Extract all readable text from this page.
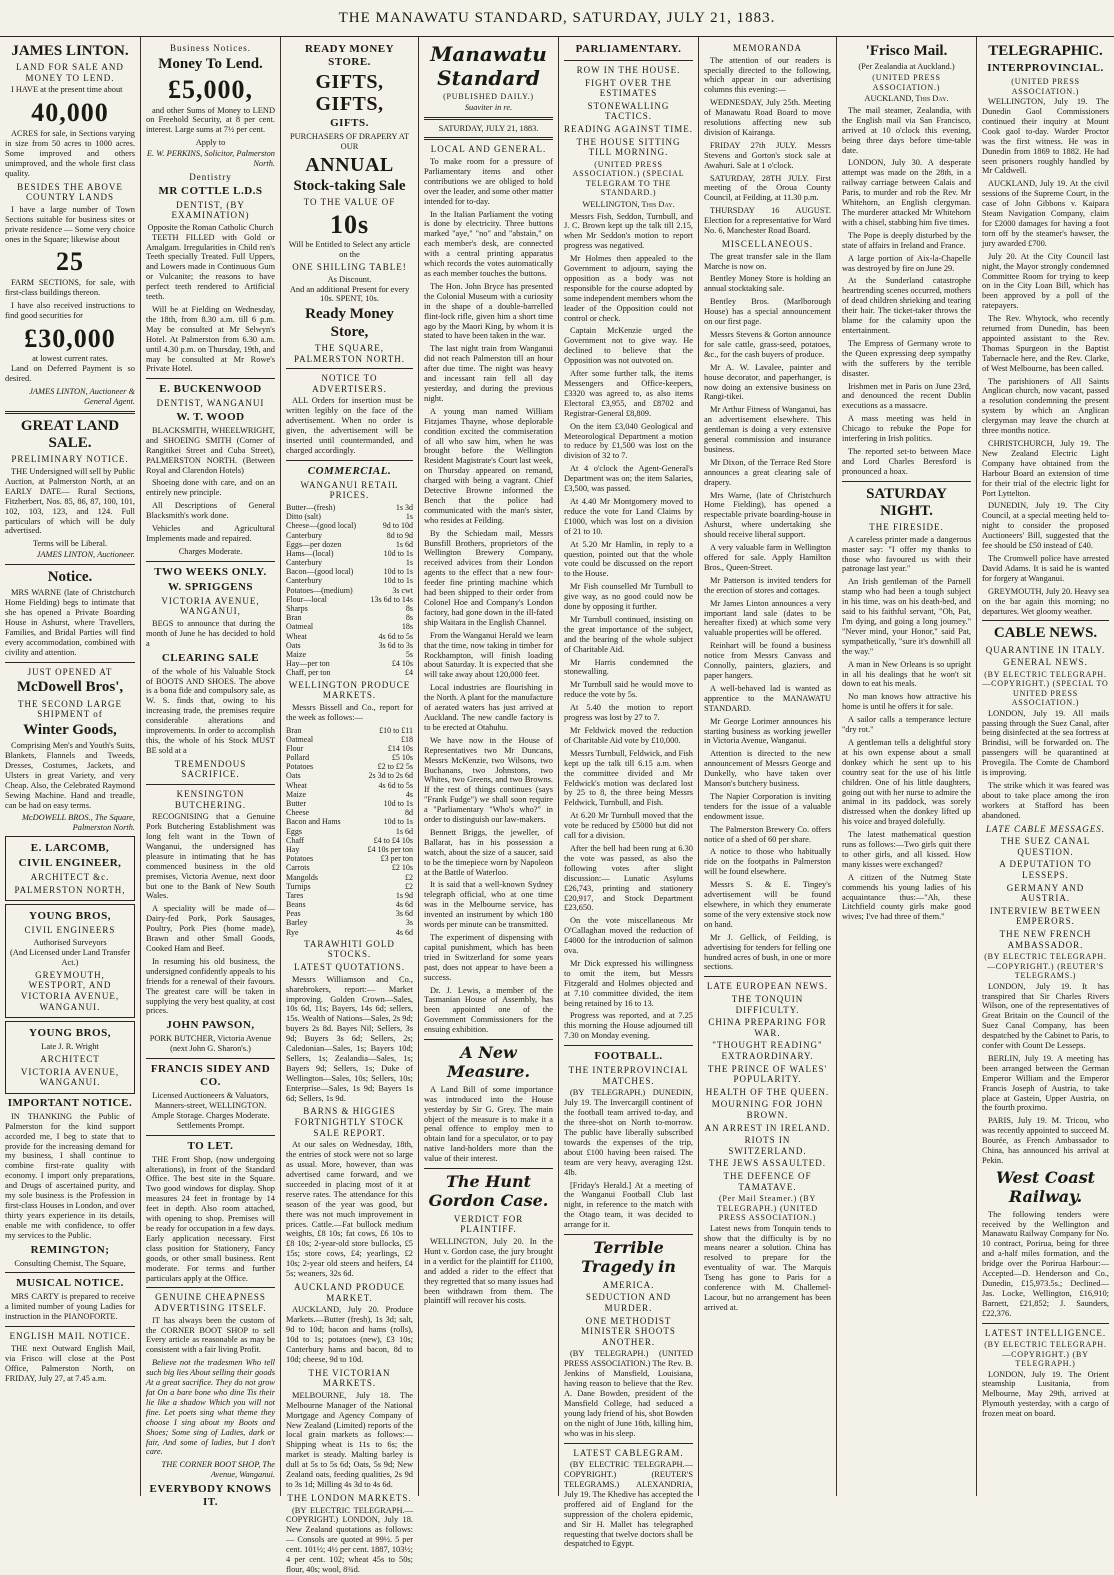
THE MANAWATU STANDARD, SATURDAY, JULY 21, 1883.
JAMES LINTON.
LAND FOR SALE AND MONEY TO LEND.

I HAVE at the present time about

40,000

ACRES for sale, in Sections varying in size from 50 acres to 1000 acres. Some improved and others unimproved, and the whole first class quality.

BESIDES THE ABOVE COUNTRY LANDS

I have a large number of Town Sections suitable for business sites or private residence — Some very choice ones in the Square; likewise about

25

FARM SECTIONS, for sale, with first-class buildings thereon.

I have also received instructions to find good securities for

£30,000
at lowest current rates.

Land on Deferred Payment is so desired.

JAMES LINTON, Auctioneer & General Agent.
GREAT LAND SALE.
PRELIMINARY NOTICE.

THE Undersigned will sell by Public Auction, at Palmerston North, at an EARLY DATE— Rural Sections, Fitzherbert, Nos. 85, 86, 87, 100, 101, 102, 103, 123, and 124. Full particulars of which will be duly advertised.

Terms will be Liberal.
JAMES LINTON, Auctioneer.
Notice.

MRS WARNE (late of Christchurch Home Fielding) begs to intimate that she has opened a Private Boarding House in Ashurst, where Travellers, Families, and Bridal Parties will find every accommodation, combined with civility and attention.

JUST OPENED AT
McDowell Bros',
THE SECOND LARGE SHIPMENT of
Winter Goods,

Comprising Men's and Youth's Suits, Blankets, Flannels and Tweeds, Dresses, Costumes, Jackets, and Ulsters in great Variety, and very Cheap. Also, the Celebrated Raymond Sewing Machine. Hand and treadle, can be had on easy terms.

McDOWELL BROS., The Square, Palmerston North.
E. LARCOMB,
CIVIL ENGINEER,
ARCHITECT &c.
PALMERSTON NORTH,
YOUNG BROS,
CIVIL ENGINEERS
Authorised Surveyors
(And Licensed under Land Transfer Act.)
GREYMOUTH, WESTPORT, AND VICTORIA AVENUE, WANGANUI.
YOUNG BROS,
Late J. R. Wright
ARCHITECT
VICTORIA AVENUE, WANGANUI.
IMPORTANT NOTICE.

IN THANKING the Public of Palmerston for the kind support accorded me, I beg to state that to provide for the increasing demand for my business, I shall continue to combine first-rate quality with economy. I import only preparations, and Drugs of ascertained purity, and my sole business is the Profession in first-class Houses in London, and over thirty years experience in its details, enable me with confidence, to offer my services to the Public.

REMINGTON;
Consulting Chemist, The Square,
MUSICAL NOTICE.

MRS CARTY is prepared to receive a limited number of young Ladies for instruction in the PIANOFORTE.

ENGLISH MAIL NOTICE.

THE next Outward English Mail, via Frisco will close at the Post Office, Palmerston North, on FRIDAY, July 27, at 7.45 a.m.

Business Notices.
Money To Lend.
£5,000,

and other Sums of Money to LEND on Freehold Security, at 8 per cent. interest. Large sums at 7½ per cent.

Apply to
E. W. PERKINS, Solicitor, Palmerston North.
Dentistry
MR COTTLE L.D.S
DENTIST, (BY EXAMINATION)
Opposite the Roman Catholic Church

TEETH FILLED with Gold or Amalgam. Irregularities in Child ren's Teeth specially Treated. Full Uppers, and Lowers made in Continuous Gum or Vulcanite; the reasons to have perfect teeth rendered to Artificial teeth.

Will be at Fielding on Wednesday, the 18th, from 8.30 a.m. till 6 p.m. May be consulted at Mr Selwyn's Hotel. At Palmerston from 6.30 a.m. until 4.30 p.m. on Thursday, 19th, and may be consulted at Mr Rowe's Private Hotel.

E. BUCKENWOOD
DENTIST, WANGANUI
W. T. WOOD

BLACKSMITH, WHEELWRIGHT, and SHOEING SMITH (Corner of Rangitikei Street and Cuba Street), PALMERSTON NORTH. (Between Royal and Clarendon Hotels)

Shoeing done with care, and on an entirely new principle.

All Descriptions of General Blacksmith's work done.

Vehicles and Agricultural Implements made and repaired.

Charges Moderate.
TWO WEEKS ONLY.
W. SPRIGGENS
VICTORIA AVENUE, WANGANUI,

BEGS to announce that during the month of June he has decided to hold a

CLEARING SALE

of the whole of his Valuable Stock of BOOTS AND SHOES. The above is a bona fide and compulsory sale, as W. S. finds that, owing to his increasing trade, the premises require considerable alterations and improvements. In order to accomplish this, the whole of his Stock MUST BE sold at a

TREMENDOUS SACRIFICE.
KENSINGTON BUTCHERING.

RECOGNISING that a Genuine Pork Butchering Establishment was long felt want in the Town of Wanganui, the undersigned has pleasure in intimating that he has commenced business in the old premises, Victoria Avenue, next door but one to the Bank of New South Wales.

A speciality will be made of— Dairy-fed Pork, Pork Sausages, Poultry, Pork Pies (home made), Brawn and other Small Goods, Cooked Ham and Beef.

In resuming his old business, the undersigned confidently appeals to his friends for a renewal of their favours. The greatest care will be taken in supplying the very best quality, at cost prices.

JOHN PAWSON,
PORK BUTCHER, Victoria Avenue (next John G. Sharon's.)
FRANCIS SIDEY AND CO.
Licensed Auctioneers & Valuators, Manners-street, WELLINGTON.
Ample Storage. Charges Moderate.
Settlements Prompt.
TO LET.

THE Front Shop, (now undergoing alterations), in front of the Standard Office. The best site in the Square. Two good windows for display. Shop measures 24 feet in frontage by 14 feet in depth. Also room attached, with opening to shop. Premises will be ready for occupation in a few days. Early application necessary. First class position for Stationery, Fancy goods, or other small business. Rent moderate. For terms and further particulars apply at the Office.

GENUINE CHEAPNESS ADVERTISING ITSELF.

IT has always been the custom of the CORNER BOOT SHOP to sell Every article as reasonable as may be consistent with a fair living Profit.

Believe not the tradesmen Who tell such big lies About selling their goods At a great sacrifice. They do not grow fat On a bare bone who dine Tis their lie like a shadow Which you will not fine. Let poets sing what theme they choose I sing about my Boots and Shoes; Some sing of Ladies, dark or fair, And some of ladies, but I don't care.

THE CORNER BOOT SHOP, The Avenue, Wanganui.
EVERYBODY KNOWS IT.
READY MONEY STORE.
GIFTS, GIFTS,
GIFTS.
PURCHASERS OF DRAPERY AT OUR
ANNUAL
Stock-taking Sale
TO THE VALUE OF
10s
Will be Entitled to Select any article on the
ONE SHILLING TABLE!
As Discount.
And an additional Present for every 10s. SPENT, 10s.
Ready Money Store,
THE SQUARE, PALMERSTON NORTH.
NOTICE TO ADVERTISERS.

ALL Orders for insertion must be written legibly on the face of the advertisement. When no order is given, the advertisement will be inserted until countermanded, and charged accordingly.

COMMERCIAL.
WANGANUI RETAIL PRICES.
Butter—(fresh)	1s 3d
Ditto (salt)	1s
Cheese—(good local)	9d to 10d
Canterbury	8d to 9d
Eggs—per dozen	1s 6d
Hams—(local)	10d to 1s
Canterbury	1s
Bacon—(good local)	10d to 1s
Canterbury	10d to 1s
Potatoes—(medium)	3s cwt
Flour—local	13s 6d to 14s
Sharps	8s
Bran	8s
Oatmeal	18s
Wheat	4s 6d to 5s
Oats	3s 6d to 3s
Maize	5s
Hay—per ton	£4 10s
Chaff, per ton	£4
WELLINGTON PRODUCE MARKETS.

Messrs Bissell and Co., report for the week as follows:—

Bran	£10 to £11
Oatmeal	£18
Flour	£14 10s
Pollard	£5 10s
Potatoes	£2 to £2 5s
Oats	2s 3d to 2s 6d
Wheat	4s 6d to 5s
Maize	4s
Butter	10d to 1s
Cheese	8d
Bacon and Hams	10d to 1s
Eggs	1s 6d
Chaff	£4 to £4 10s
Hay	£4 10s per ton
Potatoes	£3 per ton
Carrots	£2 10s
Mangolds	£2
Turnips	£2
Tares	1s 9d
Beans	4s 6d
Peas	3s 6d
Barley	3s
Rye	4s 6d
TARAWHITI GOLD STOCKS.
LATEST QUOTATIONS.

Messrs Williamson and Co., sharebrokers, report:— Market improving. Golden Crown—Sales, 10s 6d, 11s; Bayers, 14s 6d; sellers, 15s. Wealth of Nations—Sales, 2s 9d; buyers 2s 8d. Bayes Nil; Sellers, 3s 9d; Buyers 3s 6d; Sellers, 2s; Caledonian—Sales, 1s; Bayers 10d; Sellers, 1s; Zealandia—Sales, 1s; Bayers 9d; Sellers, 1s; Duke of Wellington—Sales, 10s; Sellers, 10s; Enterprise—Sales, 1s 9d; Bayers 1s 6d; Sellers, 1s 9d.

BARNS & HIGGIES FORTNIGHTLY STOCK SALE REPORT.

At our sales on Wednesday, 18th, the entries of stock were not so large as usual. More, however, than was advertised came forward, and we succeeded in placing most of it at reserve rates. The attendance for this season of the year was good, but there was not much improvement in prices. Cattle.—Fat bullock medium weights, £8 10s; fat cows, £6 10s to £8 10s; 2-year-old store bullocks, £5 15s; store cows, £4; yearlings, £2 10s; 2-year old steers and heifers, £4 5s; weaners, 32s 6d.

AUCKLAND PRODUCE MARKET.

AUCKLAND, July 20. Produce Markets.—Butter (fresh), 1s 3d; salt, 9d to 10d; bacon and hams (rolls), 10d to 1s; potatoes (new), £3 10s; Canterbury hams and bacon, 8d to 10d; cheese, 9d to 10d.

THE VICTORIAN MARKETS.

MELBOURNE, July 18. The Melbourne Manager of the National Mortgage and Agency Company of New Zealand (Limited) reports of the local grain markets as follows:— Shipping wheat is 11s to 6s; the market is steady. Malting barley is dull at 5s to 5s 6d; Oats, 5s 9d; New Zealand oats, feeding qualities, 2s 9d to 3s 1d; Milling 4s 3d to 4s 6d.

THE LONDON MARKETS.

(BY ELECTRIC TELEGRAPH.—COPYRIGHT.) LONDON, July 18. New Zealand quotations as follows:— Consols are quoted at 99½. 5 per cent. 101½; 4½ per cent. 1887, 103½; 4 per cent. 102; wheat 45s to 50s; flour, 40s; wool, 8¾d.

Manawatu Standard
(PUBLISHED DAILY.)
Suaviter in re.
SATURDAY, JULY 21, 1883.
LOCAL AND GENERAL.

To make room for a pressure of Parliamentary items and other contributions we are obliged to hold over the leader, and some other matter intended for to-day.

In the Italian Parliament the voting is done by electricity. Three buttons marked "aye," "no" and "abstain," on each member's desk, are connected with a central printing apparatus which records the votes automatically as each member touches the buttons.

The Hon. John Bryce has presented the Colonial Museum with a curiosity in the shape of a double-barrelled flint-lock rifle, given him a short time ago by the Maori King, by whom it is stated to have been taken in the war.

The last night train from Wanganui did not reach Palmerston till an hour after due time. The night was heavy and incessant rain fell all day yesterday, and during the previous night.

A young man named William Fitzjames Thayne, whose deplorable condition excited the commiseration of all who saw him, when he was brought before the Wellington Resident Magistrate's Court last week, on Thursday appeared on remand, charged with being a vagrant. Chief Detective Browne informed the Bench that the police had communicated with the man's sister, who resides at Feilding.

By the Schiedam mail, Messrs Bunsfill Brothers, proprietors of the Wellington Brewery Company, received advices from their London agents to the effect that a new four-feeder fine printing machine which had been shipped to their order from Colonel Hoe and Company's London factory, had gone down in the ill-fated ship Waitara in the English Channel.

From the Wanganui Herald we learn that the time, now taking in timber for Rockhampton, will finish loading about Saturday. It is expected that she will take away about 120,000 feet.

Local industries are flourishing in the North. A plant for the manufacture of aerated waters has just arrived at Auckland. The new candle factory is to be erected at Otahuhu.

We have now in the House of Representatives two Mr Duncans, Messrs McKenzie, two Wilsons, two Buchanans, two Johnstons, two Whites, two Greens, and two Browns. If the rest of things continues (says "Frank Fudge") we shall soon require a "Parliamentary "Who's who?" in order to distinguish our law-makers.

Bennett Briggs, the jeweller, of Ballarat, has in his possession a watch, about the size of a saucer, said to be the timepiece worn by Napoleon at the Battle of Waterloo.

It is said that a well-known Sydney telegraph official, who at one time was in the Melbourne service, has invented an instrument by which 180 words per minute can be transmitted.

The experiment of dispensing with capital punishment, which has been tried in Switzerland for some years past, does not appear to have been a success.

Dr. J. Lewis, a member of the Tasmanian House of Assembly, has been appointed one of the Government Commissioners for the ensuing exhibition.

A New Measure.

A Land Bill of some importance was introduced into the House yesterday by Sir G. Grey. The main object of the measure is to make it a penal offence to employ men to obtain land for a speculator, or to pay native land-holders more than the value of their interest.

The Hunt Gordon Case.
VERDICT FOR PLAINTIFF.

WELLINGTON, July 20. In the Hunt v. Gordon case, the jury brought in a verdict for the plaintiff for £1100, and added a rider to the effect that they regretted that so many issues had been withdrawn from them. The plaintiff will recover his costs.

PARLIAMENTARY.
ROW IN THE HOUSE.
FIGHT OVER THE ESTIMATES
STONEWALLING TACTICS.
READING AGAINST TIME.
THE HOUSE SITTING TILL MORNING.
(UNITED PRESS ASSOCIATION.) (SPECIAL TELEGRAM TO THE STANDARD.)
WELLINGTON, This Day.

Messrs Fish, Seddon, Turnbull, and J. C. Brown kept up the talk till 2.15, when Mr Seddon's motion to report progress was negatived.

Mr Holmes then appealed to the Government to adjourn, saying the opposition as a body was not responsible for the course adopted by some independent members whom the leader of the Opposition could not control or check.

Captain McKenzie urged the Government not to give way. He declined to believe that the Opposition was not outvoted on.

After some further talk, the items Messengers and Office-keepers, £3320 was agreed to, as also items Electoral £3,955, and £8702 and Registrar-General £8,809.

On the item £3,040 Geological and Meteorological Department a motion to reduce by £1,500 was lost on the division of 32 to 7.

At 4 o'clock the Agent-General's Department was on; the item Salaries, £3,500, was passed.

At 4.40 Mr Montgomery moved to reduce the vote for Land Claims by £1000, which was lost on a division of 21 to 10.

At 5.20 Mr Hamlin, in reply to a question, pointed out that the whole vote could be discussed on the report to the House.

Mr Fish counselled Mr Turnbull to give way, as no good could now be done by opposing it further.

Mr Turnbull continued, insisting on the great importance of the subject, and the bearing of the whole subject of Charitable Aid.

Mr Harris condemned the stonewalling.

Mr Turnbull said he would move to reduce the vote by 5s.

At 5.40 the motion to report progress was lost by 27 to 7.

Mr Feldwick moved the reduction of Charitable Aid vote by £10,000.

Messrs Turnbull, Feldwick, and Fish kept up the talk till 6.15 a.m. when the committee divided and Mr Feldwick's motion was declared lost by 25 to 8, the three being Messrs Feldwick, Turnbull, and Fish.

At 6.20 Mr Turnbull moved that the vote be reduced by £5000 but did not call for a division.

After the bell had been rung at 6.30 the vote was passed, as also the following votes after slight discussion:— Lunatic Asylums £26,743, printing and stationery £20,917, and Stock Department £23,650.

On the vote miscellaneous Mr O'Callaghan moved the reduction of £4000 for the introduction of salmon ova.

Mr Dick expressed his willingness to omit the item, but Messrs Fitzgerald and Holmes objected and at 7.10 committee divided, the item being retained by 16 to 13.

Progress was reported, and at 7.25 this morning the House adjourned till 7.30 on Monday evening.

FOOTBALL.
THE INTERPROVINCIAL MATCHES.

(BY TELEGRAPH.) DUNEDIN, July 19. The Invercargill continent of the football team arrived to-day, and the three-shot on North to-morrow. The public have liberally subscribed towards the expenses of the trip, about £100 having been raised. The team are very heavy, averaging 12st. 4lb.

[Friday's Herald.] At a meeting of the Wanganui Football Club last night, in reference to the match with the Otago team, it was decided to arrange for it.

Terrible Tragedy in
AMERICA.
SEDUCTION AND MURDER.
ONE METHODIST MINISTER SHOOTS ANOTHER.

(BY TELEGRAPH.) (UNITED PRESS ASSOCIATION.) The Rev. B. Jenkins of Mansfield, Louisiana, having reason to believe that the Rev. A. Dane Bowden, president of the Mansfield College, had seduced a young lady friend of his, shot Bowden on the night of June 16th, killing him, who was in his sleep.

LATEST CABLEGRAM.

(BY ELECTRIC TELEGRAPH.—COPYRIGHT.) (REUTER'S TELEGRAMS.) ALEXANDRIA, July 19. The Khedive has accepted the proffered aid of England for the suppression of the cholera epidemic, and Sir H. Mallet has telegraphed requesting that twelve doctors shall be despatched to Egypt.

MEMORANDA

The attention of our readers is specially directed to the following, which appear in our advertising columns this evening:—

WEDNESDAY, July 25th. Meeting of Manawatu Road Board to move resolutions affecting new sub division of Kairanga.

FRIDAY 27th JULY. Messrs Stevens and Gorton's stock sale at Awahuri. Sale at 1 o'clock.

SATURDAY, 28TH JULY. First meeting of the Oroua County Council, at Feilding, at 11.30 p.m.

THURSDAY 16 AUGUST. Election for a representative for Ward No. 6, Manchester Road Board.

MISCELLANEOUS.

The great transfer sale in the Ilam Marche is now on.

Bentley Money Store is holding an annual stocktaking sale.

Bentley Bros. (Marlborough House) has a special announcement on our first page.

Messrs Stevens & Gorton announce for sale cattle, grass-seed, potatoes, &c., for the cash buyers of produce.

Mr A. W. Lavalee, painter and house decorator, and paperhanger, is now doing an extensive business on Rangi-tikei.

Mr Arthur Fitness of Wanganui, has an advertisement elsewhere. This gentleman is doing a very extensive general commission and insurance business.

Mr Dixon, of the Terrace Red Store announces a great clearing sale of drapery.

Mrs Warne, (late of Christchurch Home Fielding), has opened a respectable private boarding-house in Ashurst, where undertaking she should receive liberal support.

A very valuable farm in Wellington offered for sale. Apply Hamilton Bros., Queen-Street.

Mr Patterson is invited tenders for the erection of stores and cottages.

Mr James Linton announces a very important land sale (dates to be hereafter fixed) at which some very valuable properties will be offered.

Reinhart will be found a business notice from Messrs Canvass and Connolly, painters, glaziers, and paper hangers.

A well-behaved lad is wanted as apprentice to the MANAWATU STANDARD.

Mr George Lorimer announces his starting business as working jeweller in Victoria Avenue, Wanganui.

Attention is directed to the new announcement of Messrs George and Dunkelly, who have taken over Manson's butchery business.

The Napier Corporation is inviting tenders for the issue of a valuable endowment issue.

The Palmerston Brewery Co. offers notice of a shed of 60 per share.

A notice to those who habitually ride on the footpaths in Palmerston will be found elsewhere.

Messrs S. & E. Tingey's advertisement will be found elsewhere, in which they enumerate some of the very extensive stock now on hand.

Mr J. Gellick, of Feilding, is advertising for tenders for felling one hundred acres of bush, in one or more sections.

LATE EUROPEAN NEWS.
THE TONQUIN DIFFICULTY.
CHINA PREPARING FOR WAR.
"THOUGHT READING" EXTRAORDINARY.
THE PRINCE OF WALES' POPULARITY.
HEALTH OF THE QUEEN.
MOURNING FOR JOHN BROWN.
AN ARREST IN IRELAND.
RIOTS IN SWITZERLAND.
THE JEWS ASSAULTED.
THE DEFENCE OF TAMATAVE.
(Per Mail Steamer.) (BY TELEGRAPH.) (UNITED PRESS ASSOCIATION.)

Latest news from Tonquin tends to show that the difficulty is by no means nearer a solution. China has resolved to prepare for the eventuality of war. The Marquis Tseng has gone to Paris for a conference with M. Challemel-Lacour, but no arrangement has been arrived at.

'Frisco Mail.
(Per Zealandia at Auckland.)
(UNITED PRESS ASSOCIATION.)
AUCKLAND, This Day.

The mail steamer, Zealandia, with the English mail via San Francisco, arrived at 10 o'clock this evening, being three days before time-table date.

LONDON, July 30. A desperate attempt was made on the 28th, in a railway carriage between Calais and Paris, to murder and rob the Rev. Mr Whitehorn, an English clergyman. The murderer attacked Mr Whitehorn with a chisel, stabbing him five times.

The Pope is deeply disturbed by the state of affairs in Ireland and France.

A large portion of Aix-la-Chapelle was destroyed by fire on June 29.

At the Sunderland catastrophe heartrending scenes occurred, mothers of dead children shrieking and tearing their hair. The ticket-taker throws the blame for the calamity upon the entertainment.

The Empress of Germany wrote to the Queen expressing deep sympathy with the sufferers by the terrible disaster.

Irishmen met in Paris on June 23rd, and denounced the recent Dublin executions as a massacre.

A mass meeting was held in Chicago to rebuke the Pope for interfering in Irish politics.

The reported set-to between Mace and Lord Charles Beresford is pronounced a hoax.

SATURDAY NIGHT.
THE FIRESIDE.

A careless printer made a dangerous master say: "I offer my thanks to those who favoured us with their patronage last year."

An Irish gentleman of the Parnell stamp who had been a tough subject in his time, was on his death-bed, and said to his faithful servant, "Oh, Pat, I'm dying, and going a long journey." "Never mind, your Honor," said Pat, sympathetically, "sure it's downhill all the way."

A man in New Orleans is so upright in all his dealings that he won't sit down to eat his meals.

No man knows how attractive his home is until he offers it for sale.

A sailor calls a temperance lecture "dry rot."

A gentleman tells a delightful story at his own expense about a small donkey which he sent up to his country seat for the use of his little children. One of his little daughters, going out with her nurse to admire the animal in its paddock, was sorely distressed when the donkey lifted up his voice and brayed dolefully.

The latest mathematical question runs as follows:—Two girls quit there to other girls, and all kissed. How many kisses were exchanged?

A citizen of the Nutmeg State commends his young ladies of his acquaintance thus:—"Ah, these Litchfield county girls make good wives; I've had three of them."

TELEGRAPHIC.
INTERPROVINCIAL.
(UNITED PRESS ASSOCIATION.)

WELLINGTON, July 19. The Dunedin Gaol Commissioners continued their inquiry at Mount Cook gaol to-day. Warder Proctor was the first witness. He was in Dunedin from 1869 to 1882. He had seen prisoners roughly handled by Mr Caldwell.

AUCKLAND, July 19. At the civil sessions of the Supreme Court, in the case of John Gibbons v. Kaipara Steam Navigation Company, claim for £2000 damages for having a foot torn off by the steamer's hawser, the jury awarded £700.

July 20. At the City Council last night, the Mayor strongly condemned Committee Room for trying to keep on in the City Loan Bill, which has been approved by a poll of the ratepayers.

The Rev. Whytock, who recently returned from Dunedin, has been appointed assistant to the Rev. Thomas Spurgeon in the Baptist Tabernacle here, and the Rev. Clarke, of West Melbourne, has been called.

The parishioners of All Saints Anglican church, now vacant, passed a resolution condemning the present system by which an Anglican clergyman may leave the church at three months notice.

CHRISTCHURCH, July 19. The New Zealand Electric Light Company have obtained from the Harbour Board an extension of time for their trial of the electric light for Port Lyttelton.

DUNEDIN, July 19. The City Council, at a special meeting held to-night to consider the proposed Auctioneers' Bill, suggested that the fee should be £50 instead of £40.

The Cromwell police have arrested David Adams. It is said he is wanted for forgery at Wanganui.

GREYMOUTH, July 20. Heavy sea on the bar again this morning; no departures. Wet gloomy weather.

CABLE NEWS.
QUARANTINE IN ITALY.
GENERAL NEWS.
(BY ELECTRIC TELEGRAPH.—COPYRIGHT.) (SPECIAL TO UNITED PRESS ASSOCIATION.)

LONDON, July 19. All mails passing through the Suez Canal, after being disinfected at the sea fortress at Brindisi, will be forwarded on. The passengers will be quarantined at Provegila. The Comte de Chambord is improving.

The strike which it was feared was about to take place among the iron workers at Stafford has been abandoned.

LATE CABLE MESSAGES.
THE SUEZ CANAL QUESTION.
A DEPUTATION TO LESSEPS.
GERMANY AND AUSTRIA.
INTERVIEW BETWEEN EMPERORS.
THE NEW FRENCH AMBASSADOR.
(BY ELECTRIC TELEGRAPH.—COPYRIGHT.) (REUTER'S TELEGRAMS.)

LONDON, July 19. It has transpired that Sir Charles Rivers Wilson, one of the representatives of Great Britain on the Council of the Suez Canal Company, has been despatched by the Cabinet to Paris, to confer with Count De Lesseps.

BERLIN, July 19. A meeting has been arranged between the German Emperor William and the Emperor Francis Joseph of Austria, to take place at Gastein, Upper Austria, on the fourth proximo.

PARIS, July 19. M. Tricou, who was recently appointed to succeed M. Bourée, as French Ambassador to China, has announced his arrival at Pekin.

West Coast Railway.

The following tenders were received by the Wellington and Manawatu Railway Company for No. 10 contract, Porirua, being for three and a-half miles formation, and the bridge over the Porirua Harbour:—Accepted—D. Henderson and Co., Dunedin, £15,973.5s.; Declined—Jas. Locke, Wellington, £16,910; Barnett, £21,852; J. Saunders, £22,376.

LATEST INTELLIGENCE.
(BY ELECTRIC TELEGRAPH.—COPYRIGHT.) (BY TELEGRAPH.)

LONDON, July 19. The Orient steamship Lusitania, from Melbourne, May 29th, arrived at Plymouth yesterday, with a cargo of frozen meat on board.
